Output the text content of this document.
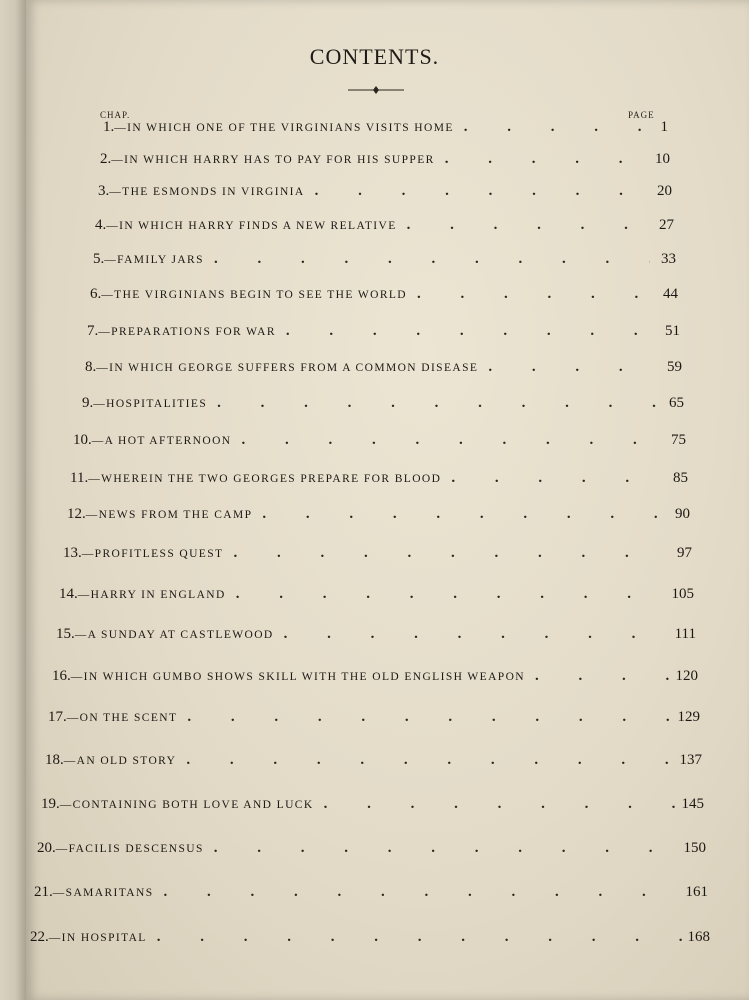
CONTENTS.
CHAP.	PAGE
1. —IN WHICH ONE OF THE VIRGINIANS VISITS HOME . . .	1
2. —IN WHICH HARRY HAS TO PAY FOR HIS SUPPER . . .	10
3. —THE ESMONDS IN VIRGINIA . . .	20
4. —IN WHICH HARRY FINDS A NEW RELATIVE . . .	27
5. —FAMILY JARS . . .	33
6. —THE VIRGINIANS BEGIN TO SEE THE WORLD . . .	44
7. —PREPARATIONS FOR WAR . . .	51
8. —IN WHICH GEORGE SUFFERS FROM A COMMON DISEASE . . .	59
9. —HOSPITALITIES . . .	65
10. —A HOT AFTERNOON . . .	75
11. —WHEREIN THE TWO GEORGES PREPARE FOR BLOOD . . .	85
12. —NEWS FROM THE CAMP . . .	90
13. —PROFITLESS QUEST . . .	97
14. —HARRY IN ENGLAND . . .	105
15. —A SUNDAY AT CASTLEWOOD . . .	111
16. —IN WHICH GUMBO SHOWS SKILL WITH THE OLD ENGLISH WEAPON . . .	120
17. —ON THE SCENT . . .	129
18. —AN OLD STORY . . .	137
19. —CONTAINING BOTH LOVE AND LUCK . . .	145
20. —FACILIS DESCENSUS . . .	150
21. —SAMARITANS . . .	161
22. —IN HOSPITAL . . .	168
